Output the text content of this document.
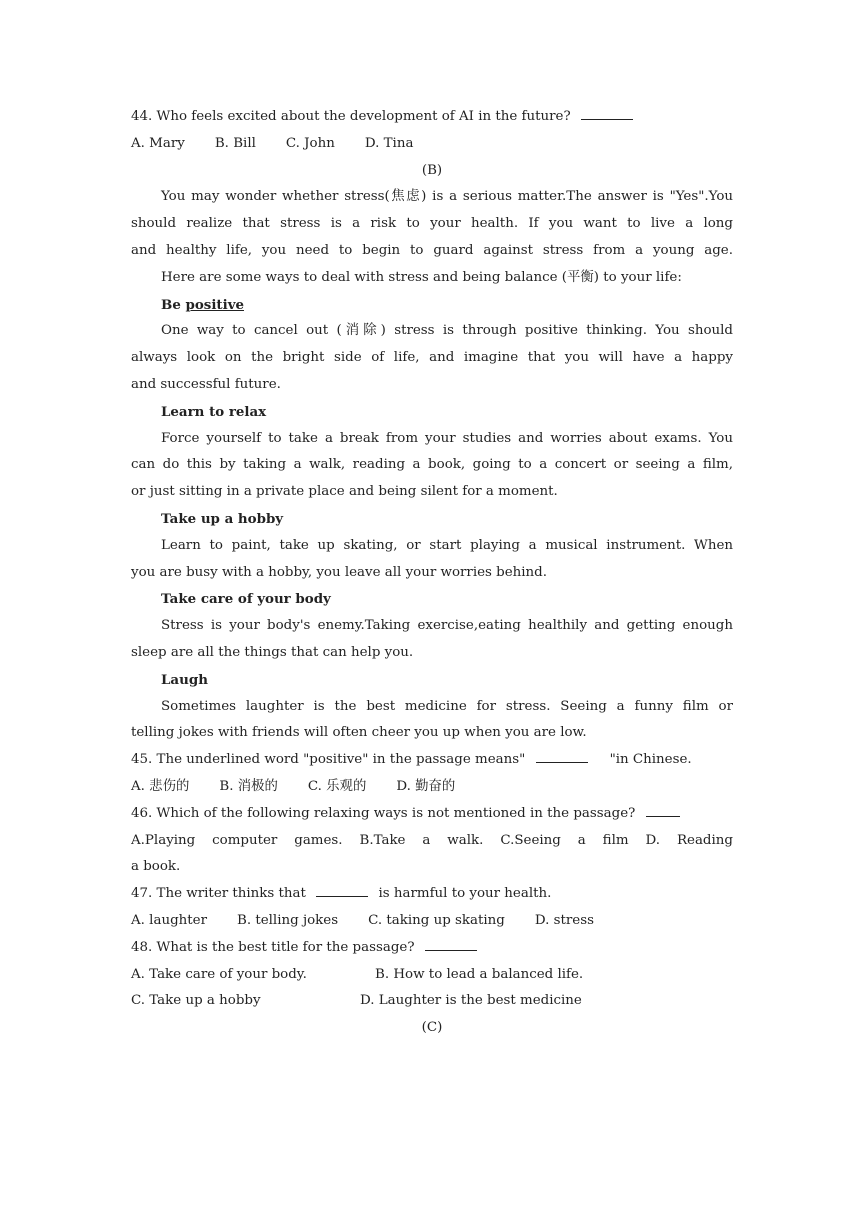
44. Who feels excited about the development of AI in the future?
A. Mary B. Bill C. John D. Tina
(B)
You may wonder whether stress(焦虑) is a serious matter.The answer is "Yes".You
should realize that stress is a risk to your health. If you want to live a long
and healthy life, you need to begin to guard against stress from a young age.
Here are some ways to deal with stress and being balance (平衡) to your life:
Be positive
One way to cancel out (消除) stress is through positive thinking. You should
always look on the bright side of life, and imagine that you will have a happy
and successful future.
Learn to relax
Force yourself to take a break from your studies and worries about exams. You
can do this by taking a walk, reading a book, going to a concert or seeing a film,
or just sitting in a private place and being silent for a moment.
Take up a hobby
Learn to paint, take up skating, or start playing a musical instrument. When
you are busy with a hobby, you leave all your worries behind.
Take care of your body
Stress is your body's enemy.Taking exercise,eating healthily and getting enough
sleep are all the things that can help you.
Laugh
Sometimes laughter is the best medicine for stress. Seeing a funny film or
telling jokes with friends will often cheer you up when you are low.
45. The underlined word "positive" in the passage means"	"in Chinese.
A. 悲伤的 B. 消极的 C. 乐观的 D. 勤奋的
46. Which of the following relaxing ways is not mentioned in the passage?
A.Playing computer games. B.Take a walk. C.Seeing a film D. Reading
a book.
47. The writer thinks that	is harmful to your health.
A. laughter B. telling jokes C. taking up skating D. stress
48. What is the best title for the passage?
A. Take care of your body.	B. How to lead a balanced life.
C. Take up a hobby	D. Laughter is the best medicine
(C)
